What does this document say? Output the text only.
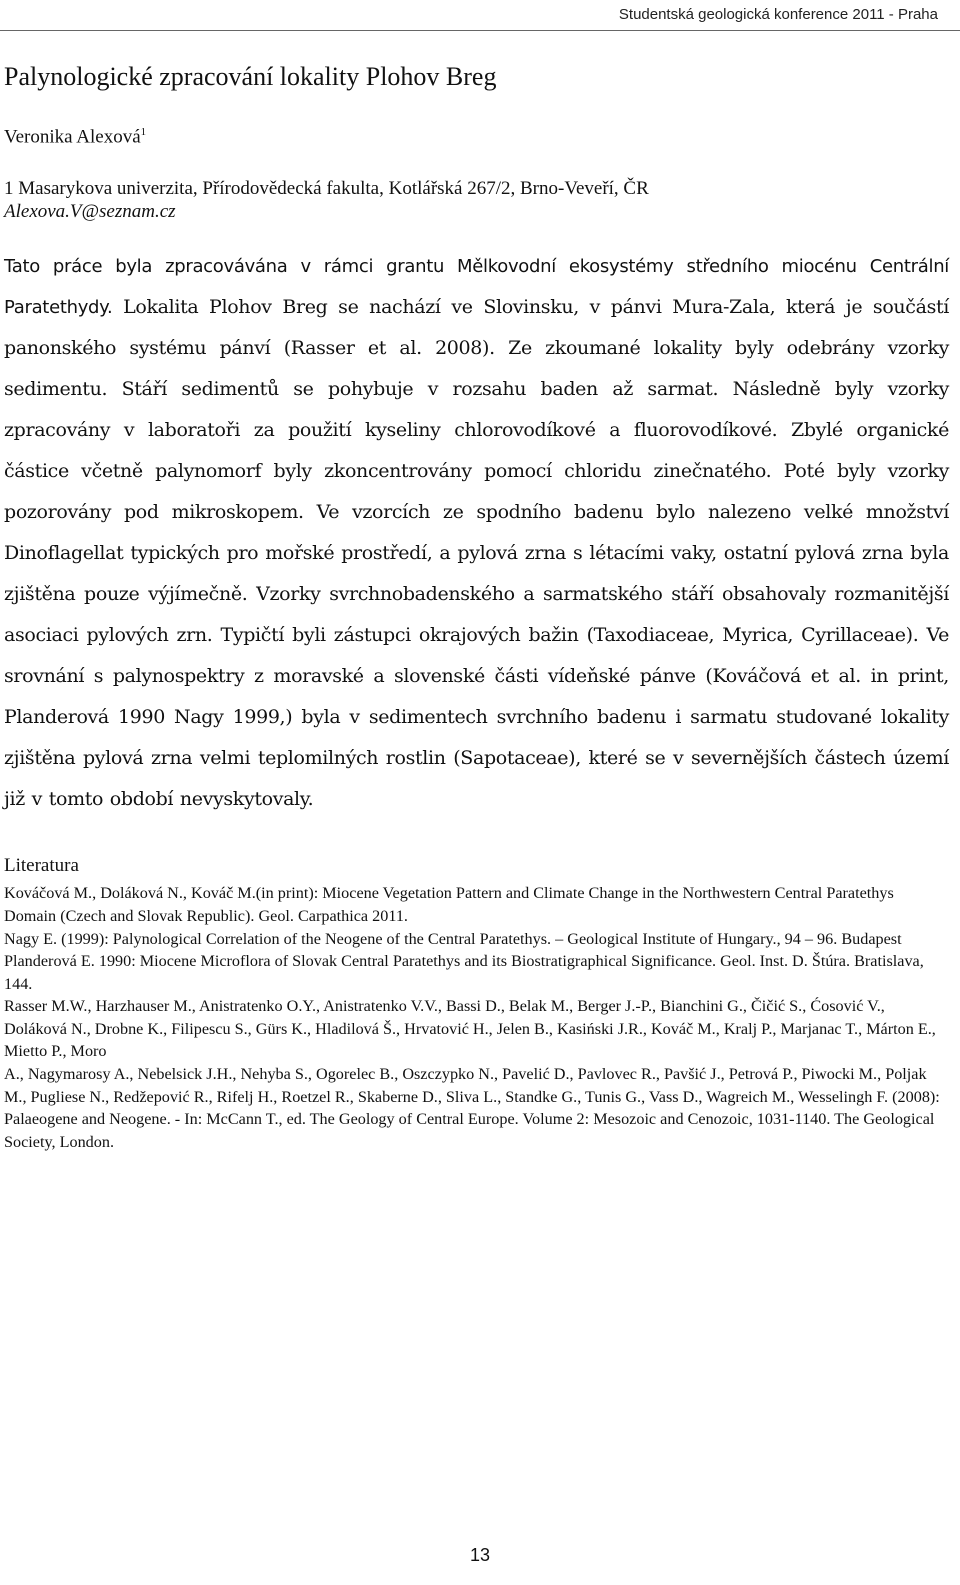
Studentská geologická konference 2011 - Praha
Palynologické zpracování lokality Plohov Breg
Veronika Alexová$^1$
1 Masarykova univerzita, Přírodovědecká fakulta, Kotlářská 267/2, Brno-Veveří, ČR
Alexova.V@seznam.cz
Tato práce byla zpracovávána v rámci grantu Mělkovodní ekosystémy středního miocénu Centrální Paratethydy. Lokalita Plohov Breg se nachází ve Slovinsku, v pánvi Mura-Zala, která je součástí panonského systému pánví (Rasser et al. 2008). Ze zkoumané lokality byly odebrány vzorky sedimentu. Stáří sedimentů se pohybuje v rozsahu baden až sarmat. Následně byly vzorky zpracovány v laboratoři za použití kyseliny chlorovodíkové a fluorovodíkové. Zbylé organické částice včetně palynomorf byly zkoncentrovány pomocí chloridu zinečnatého. Poté byly vzorky pozorovány pod mikroskopem. Ve vzorcích ze spodního badenu bylo nalezeno velké množství Dinoflagellat typických pro mořské prostředí, a pylová zrna s létacími vaky, ostatní pylová zrna byla zjištěna pouze výjímečně. Vzorky svrchnobadenského a sarmatského stáří obsahovaly rozmanitější asociaci pylových zrn. Typičtí byli zástupci okrajových bažin (Taxodiaceae, Myrica, Cyrillaceae). Ve srovnání s palynospektry z moravské a slovenské části vídeňské pánve (Kováčová et al. in print, Planderová 1990 Nagy 1999,) byla v sedimentech svrchního badenu i sarmatu studované lokality zjištěna pylová zrna velmi teplomilných rostlin (Sapotaceae), které se v severnějších částech území již v tomto období nevyskytovaly.
Literatura

Kováčová M., Doláková N., Kováč M.(in print): Miocene Vegetation Pattern and Climate Change in the Northwestern Central Paratethys Domain (Czech and Slovak Republic). Geol. Carpathica 2011.

Nagy E. (1999): Palynological Correlation of the Neogene of the Central Paratethys. – Geological Institute of Hungary., 94 – 96. Budapest

Planderová E. 1990: Miocene Microflora of Slovak Central Paratethys and its Biostratigraphical Significance. Geol. Inst. D. Štúra. Bratislava, 144.

Rasser M.W., Harzhauser M., Anistratenko O.Y., Anistratenko V.V., Bassi D., Belak M., Berger J.-P., Bianchini G., Čičić S., Ćosović V., Doláková N., Drobne K., Filipescu S., Gürs K., Hladilová Š., Hrvatović H., Jelen B., Kasiński J.R., Kováč M., Kralj P., Marjanac T., Márton E., Mietto P., Moro

A., Nagymarosy A., Nebelsick J.H., Nehyba S., Ogorelec B., Oszczypko N., Pavelić D., Pavlovec R., Pavšić J., Petrová P., Piwocki M., Poljak M., Pugliese N., Redžepović R., Rifelj H., Roetzel R., Skaberne D., Sliva L., Standke G., Tunis G., Vass D., Wagreich M., Wesselingh F. (2008): Palaeogene and Neogene. - In: McCann T., ed. The Geology of Central Europe. Volume 2: Mesozoic and Cenozoic, 1031-1140. The Geological Society, London.

13
